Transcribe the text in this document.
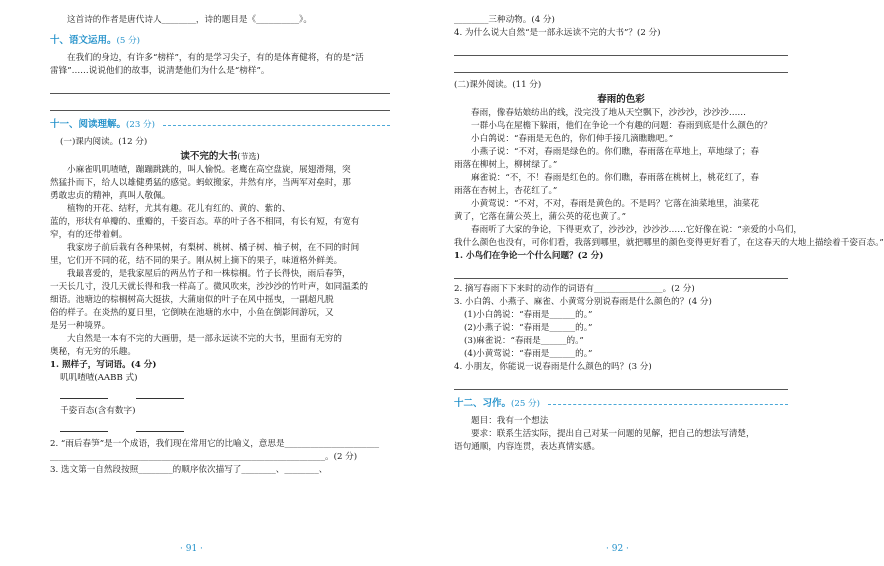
这首诗的作者是唐代诗人________，诗的题目是《__________》。
十、 语文运用。 (5 分)
在我们的身边，有许多“榜样”，有的是学习尖子，有的是体育健将，有的是“活
雷锋”……说说他们的故事，说清楚他们为什么是“榜样”。
十一、 阅读理解。 (23 分)
(一)课内阅读。(12 分)
读不完的大书(节选)
小麻雀叽叽喳喳，蹦蹦跳跳的，叫人愉悦。老鹰在高空盘旋，展翅滑翔，突
然猛扑而下，给人以雄健勇猛的感觉。蚂蚁搬家，井然有序，当两军对垒时，那
勇敢忠贞的精神，真叫人敬佩。
植物的开花、结籽，尤其有趣。花儿有红的、黄的、紫的、
蓝的，形状有单瓣的、重瓣的，千姿百态。草的叶子各不相同，有长有短，有宽有
窄，有的还带着刺。
我家房子前后栽有各种果树，有梨树、桃树、橘子树、柚子树，在不同的时间
里，它们开不同的花，结不同的果子。刚从树上摘下的果子，味道格外鲜美。
我最喜爱的，是我家屋后的两丛竹子和一株棕榈。竹子长得快，雨后春笋，
一天长几寸，没几天就长得和我一样高了。微风吹来，沙沙沙的竹叶声，如同温柔的
细语。池塘边的棕榈树高大挺拔，大蒲扇似的叶子在风中摇曳，一副超凡脱
俗的样子。在炎热的夏日里，它倒映在池塘的水中，小鱼在倒影间游玩，又
是另一种境界。
大自然是一本有不完的大画册，是一部永远读不完的大书，里面有无穷的
奥秘，有无穷的乐趣。
1. 照样子，写词语。(4 分)
叽叽喳喳(AABB 式)
千姿百态(含有数字)
2. “雨后春笋”是一个成语，我们现在常用它的比喻义，意思是______________________
________________________________________________________________。(2 分)
3. 选文第一自然段按照________的顺序依次描写了________、________、
· 91 ·
________三种动物。(4 分)
4. 为什么说大自然“是一部永远读不完的大书”？(2 分)
(二)课外阅读。(11 分)
春雨的色彩
春雨，像春姑娘纺出的线，没完没了地从天空飘下，沙沙沙，沙沙沙……
一群小鸟在屋檐下躲雨，他们在争论一个有趣的问题：春雨到底是什么颜色的？
小白鸽说：“春雨是无色的，你们伸手接几滴瞧瞧吧。”
小燕子说：“不对，春雨是绿色的。你们瞧，春雨落在草地上，草地绿了；春
雨落在柳树上，柳树绿了。”
麻雀说：“不，不！春雨是红色的。你们瞧，春雨落在桃树上，桃花红了，春
雨落在杏树上，杏花红了。”
小黄莺说：“不对，不对，春雨是黄色的。不是吗？它落在油菜地里，油菜花
黄了，它落在蒲公英上，蒲公英的花也黄了。”
春雨听了大家的争论，下得更欢了，沙沙沙，沙沙沙……它好像在说：“亲爱的小鸟们，
我什么颜色也没有，可你们看，我落到哪里，就把哪里的颜色变得更好看了，在这春天的大地上描绘着千姿百态。”
1. 小鸟们在争论一个什么问题？(2 分)
2. 摘写春雨下下来时的动作的词语有________________。(2 分)
3. 小白鸽、小燕子、麻雀、小黄莺分别说春雨是什么颜色的？(4 分)
(1)小白鸽说：“春雨是______的。”
(2)小燕子说：“春雨是______的。”
(3)麻雀说：“春雨是______的。”
(4)小黄莺说：“春雨是______的。”
4. 小朋友，你能说一说春雨是什么颜色的吗？(3 分)
十二、 习作。 (25 分)
题目：我有一个想法
要求：联系生活实际，提出自己对某一问题的见解，把自己的想法写清楚，
语句通顺，内容连贯，表达真情实感。
· 92 ·
